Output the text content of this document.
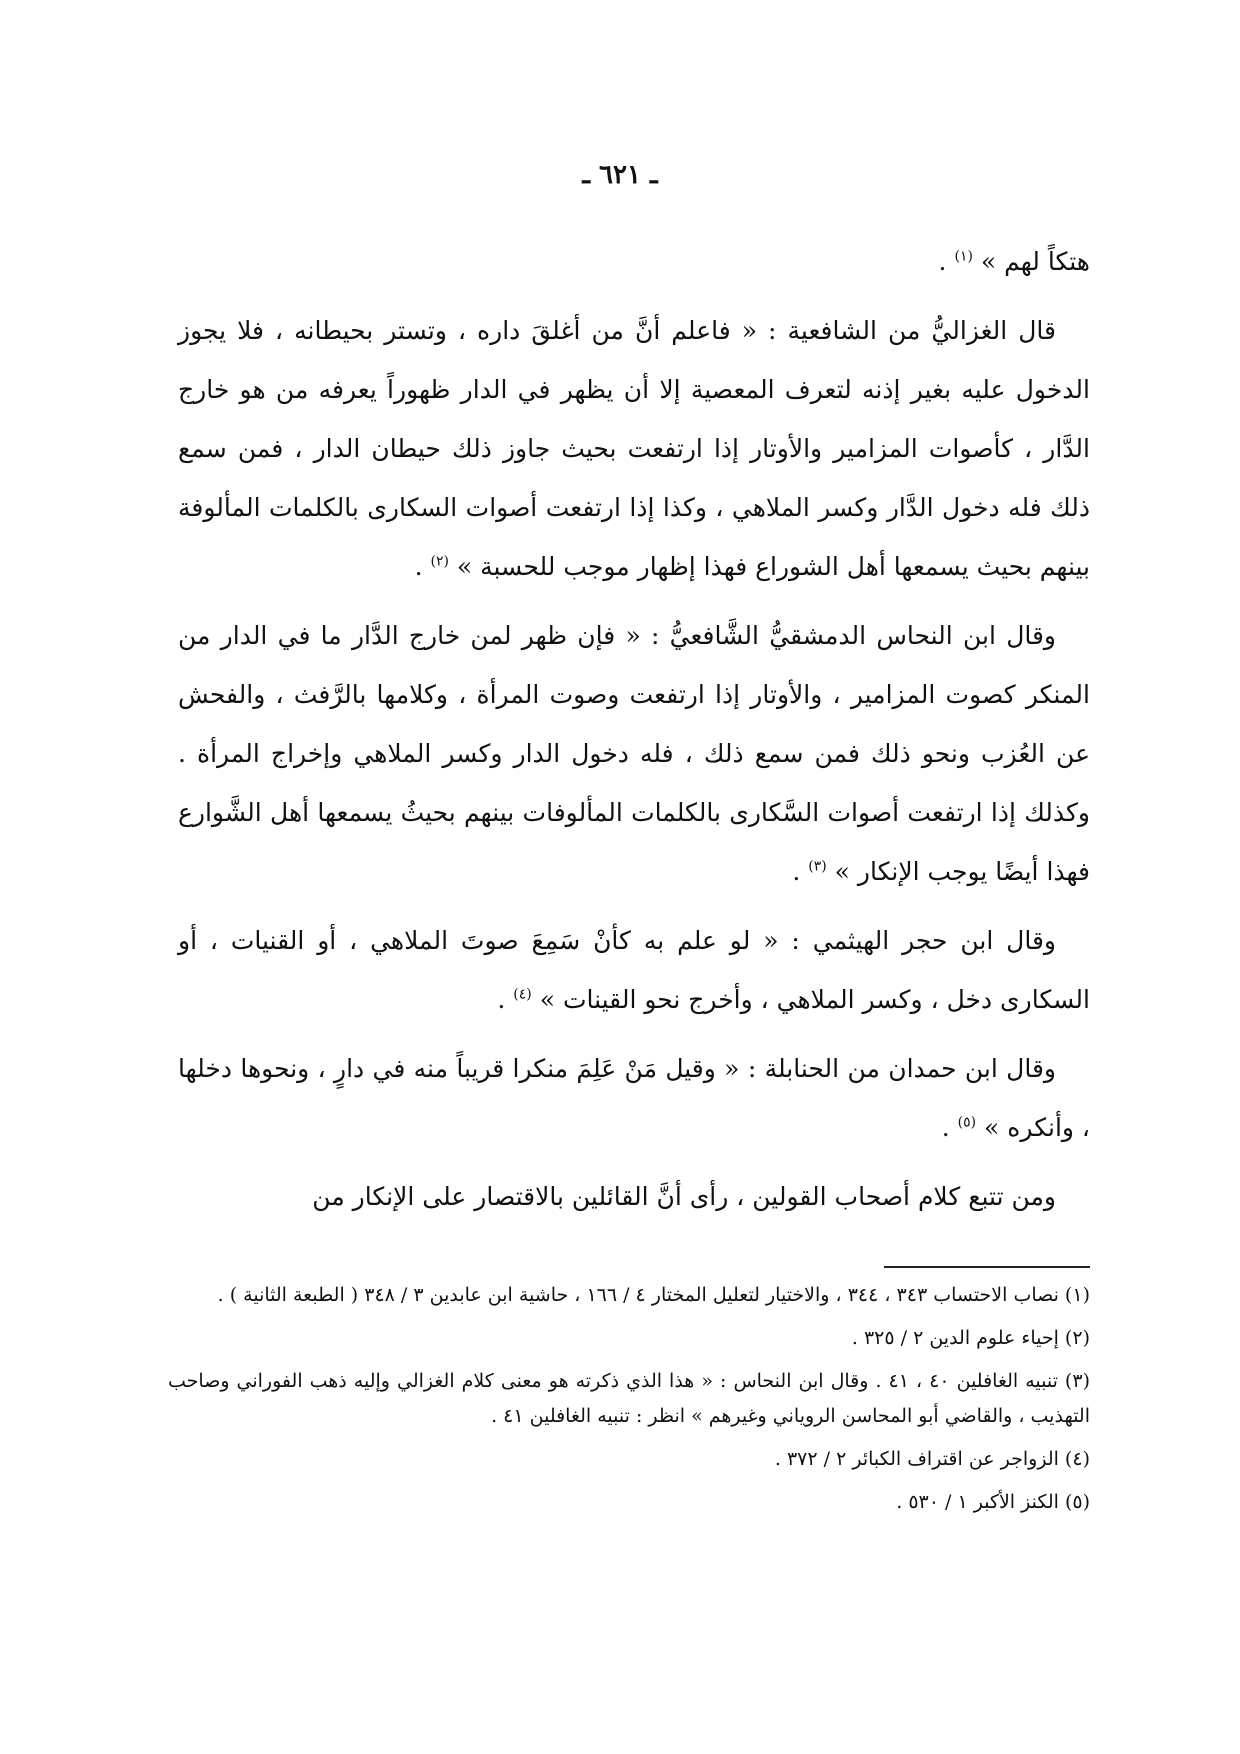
ـ ٦٢١ ـ

هتكاً لهم » $^{(١)}$ .

قال الغزاليُّ من الشافعية : « فاعلم أنَّ من أغلقَ داره ، وتستر بحيطانه ، فلا يجوز الدخول عليه بغير إذنه لتعرف المعصية إلا أن يظهر في الدار ظهوراً يعرفه من هو خارج الدَّار ، كأصوات المزامير والأوتار إذا ارتفعت بحيث جاوز ذلك حيطان الدار ، فمن سمع ذلك فله دخول الدَّار وكسر الملاهي ، وكذا إذا ارتفعت أصوات السكارى بالكلمات المألوفة بينهم بحيث يسمعها أهل الشوراع فهذا إظهار موجب للحسبة » $^{(٢)}$ .

وقال ابن النحاس الدمشقيُّ الشَّافعيُّ : « فإن ظهر لمن خارج الدَّار ما في الدار من المنكر كصوت المزامير ، والأوتار إذا ارتفعت وصوت المرأة ، وكلامها بالرَّفث ، والفحش عن العُزب ونحو ذلك فمن سمع ذلك ، فله دخول الدار وكسر الملاهي وإخراج المرأة . وكذلك إذا ارتفعت أصوات السَّكارى بالكلمات المألوفات بينهم بحيثُ يسمعها أهل الشَّوارع فهذا أيضًا يوجب الإنكار » $^{(٣)}$ .

وقال ابن حجر الهيثمي : « لو علم به كأنْ سَمِعَ صوتَ الملاهي ، أو القنيات ، أو السكارى دخل ، وكسر الملاهي ، وأخرج نحو القينات » $^{(٤)}$ .

وقال ابن حمدان من الحنابلة : « وقيل مَنْ عَلِمَ منكرا قريباً منه في دارٍ ، ونحوها دخلها ، وأنكره » $^{(٥)}$ .

ومن تتبع كلام أصحاب القولين ، رأى أنَّ القائلين بالاقتصار على الإنكار من

(١) نصاب الاحتساب ٣٤٣ ، ٣٤٤ ، والاختيار لتعليل المختار ٤ / ١٦٦ ، حاشية ابن عابدين ٣ / ٣٤٨ ( الطبعة الثانية ) .

(٢) إحياء علوم الدين ٢ / ٣٢٥ .

(٣) تنبيه الغافلين ٤٠ ، ٤١ . وقال ابن النحاس : « هذا الذي ذكرته هو معنى كلام الغزالي وإليه ذهب الفوراني وصاحب التهذيب ، والقاضي أبو المحاسن الروياني وغيرهم » انظر : تنبيه الغافلين ٤١ .

(٤) الزواجر عن اقتراف الكبائر ٢ / ٣٧٢ .

(٥) الكنز الأكبر ١ / ٥٣٠ .
